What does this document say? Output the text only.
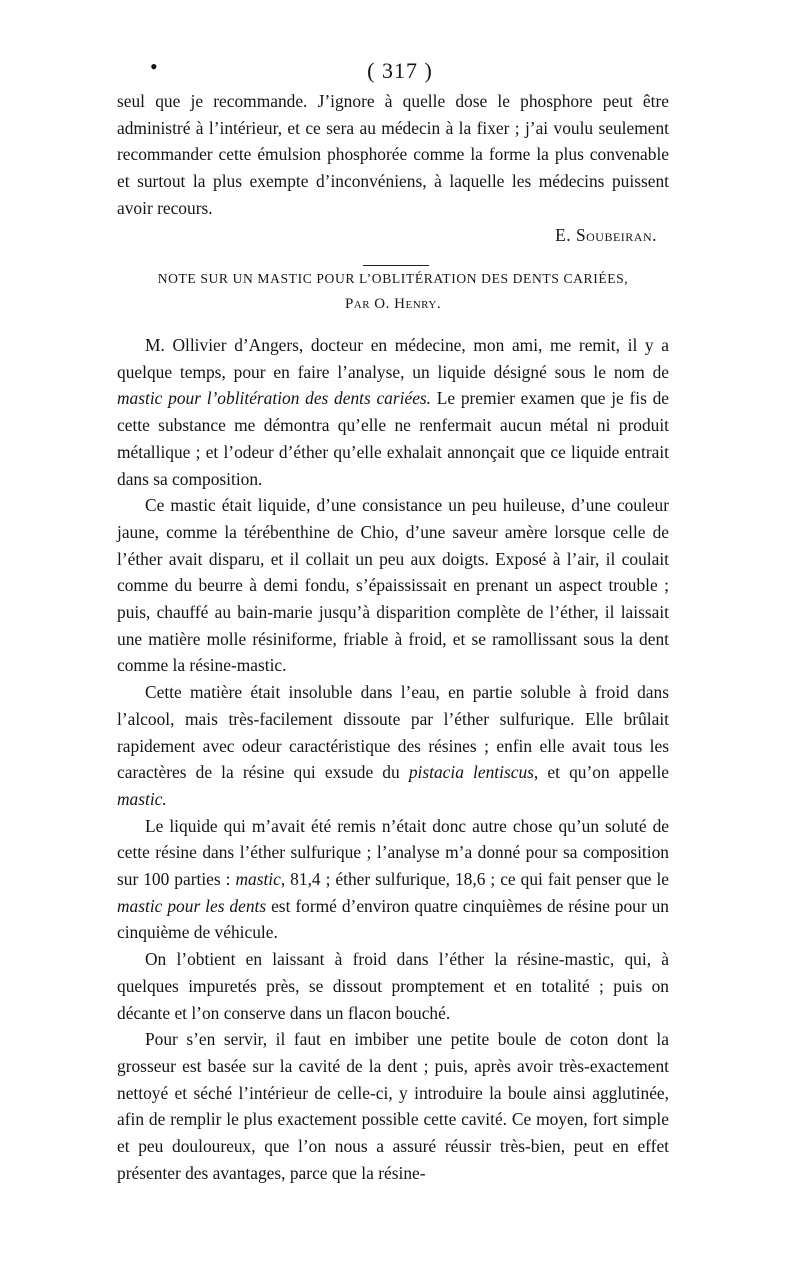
•	( 317 )

seul que je recommande. J’ignore à quelle dose le phosphore peut être administré à l’intérieur, et ce sera au médecin à la fixer ; j’ai voulu seulement recommander cette émulsion phosphorée comme la forme la plus convenable et surtout la plus exempte d’inconvéniens, à laquelle les médecins puissent avoir recours.
E. Soubeiran.

NOTE SUR UN MASTIC POUR L’OBLITÉRATION DES DENTS CARIÉES,
Par O. Henry.

M. Ollivier d’Angers, docteur en médecine, mon ami, me remit, il y a quelque temps, pour en faire l’analyse, un liquide désigné sous le nom de mastic pour l’oblitération des dents cariées. Le premier examen que je fis de cette substance me démontra qu’elle ne renfermait aucun métal ni produit métallique ; et l’odeur d’éther qu’elle exhalait annonçait que ce liquide entrait dans sa composition.

Ce mastic était liquide, d’une consistance un peu huileuse, d’une couleur jaune, comme la térébenthine de Chio, d’une saveur amère lorsque celle de l’éther avait disparu, et il collait un peu aux doigts. Exposé à l’air, il coulait comme du beurre à demi fondu, s’épaississait en prenant un aspect trouble ; puis, chauffé au bain-marie jusqu’à disparition complète de l’éther, il laissait une matière molle résiniforme, friable à froid, et se ramollissant sous la dent comme la résine-mastic.

Cette matière était insoluble dans l’eau, en partie soluble à froid dans l’alcool, mais très-facilement dissoute par l’éther sulfurique. Elle brûlait rapidement avec odeur caractéristique des résines ; enfin elle avait tous les caractères de la résine qui exsude du pistacia lentiscus, et qu’on appelle mastic.

Le liquide qui m’avait été remis n’était donc autre chose qu’un soluté de cette résine dans l’éther sulfurique ; l’analyse m’a donné pour sa composition sur 100 parties : mastic, 81,4 ; éther sulfurique, 18,6 ; ce qui fait penser que le mastic pour les dents est formé d’environ quatre cinquièmes de résine pour un cinquième de véhicule.

On l’obtient en laissant à froid dans l’éther la résine-mastic, qui, à quelques impuretés près, se dissout promptement et en totalité ; puis on décante et l’on conserve dans un flacon bouché.

Pour s’en servir, il faut en imbiber une petite boule de coton dont la grosseur est basée sur la cavité de la dent ; puis, après avoir très-exactement nettoyé et séché l’intérieur de celle-ci, y introduire la boule ainsi agglutinée, afin de remplir le plus exactement possible cette cavité. Ce moyen, fort simple et peu douloureux, que l’on nous a assuré réussir très-bien, peut en effet présenter des avantages, parce que la résine-
